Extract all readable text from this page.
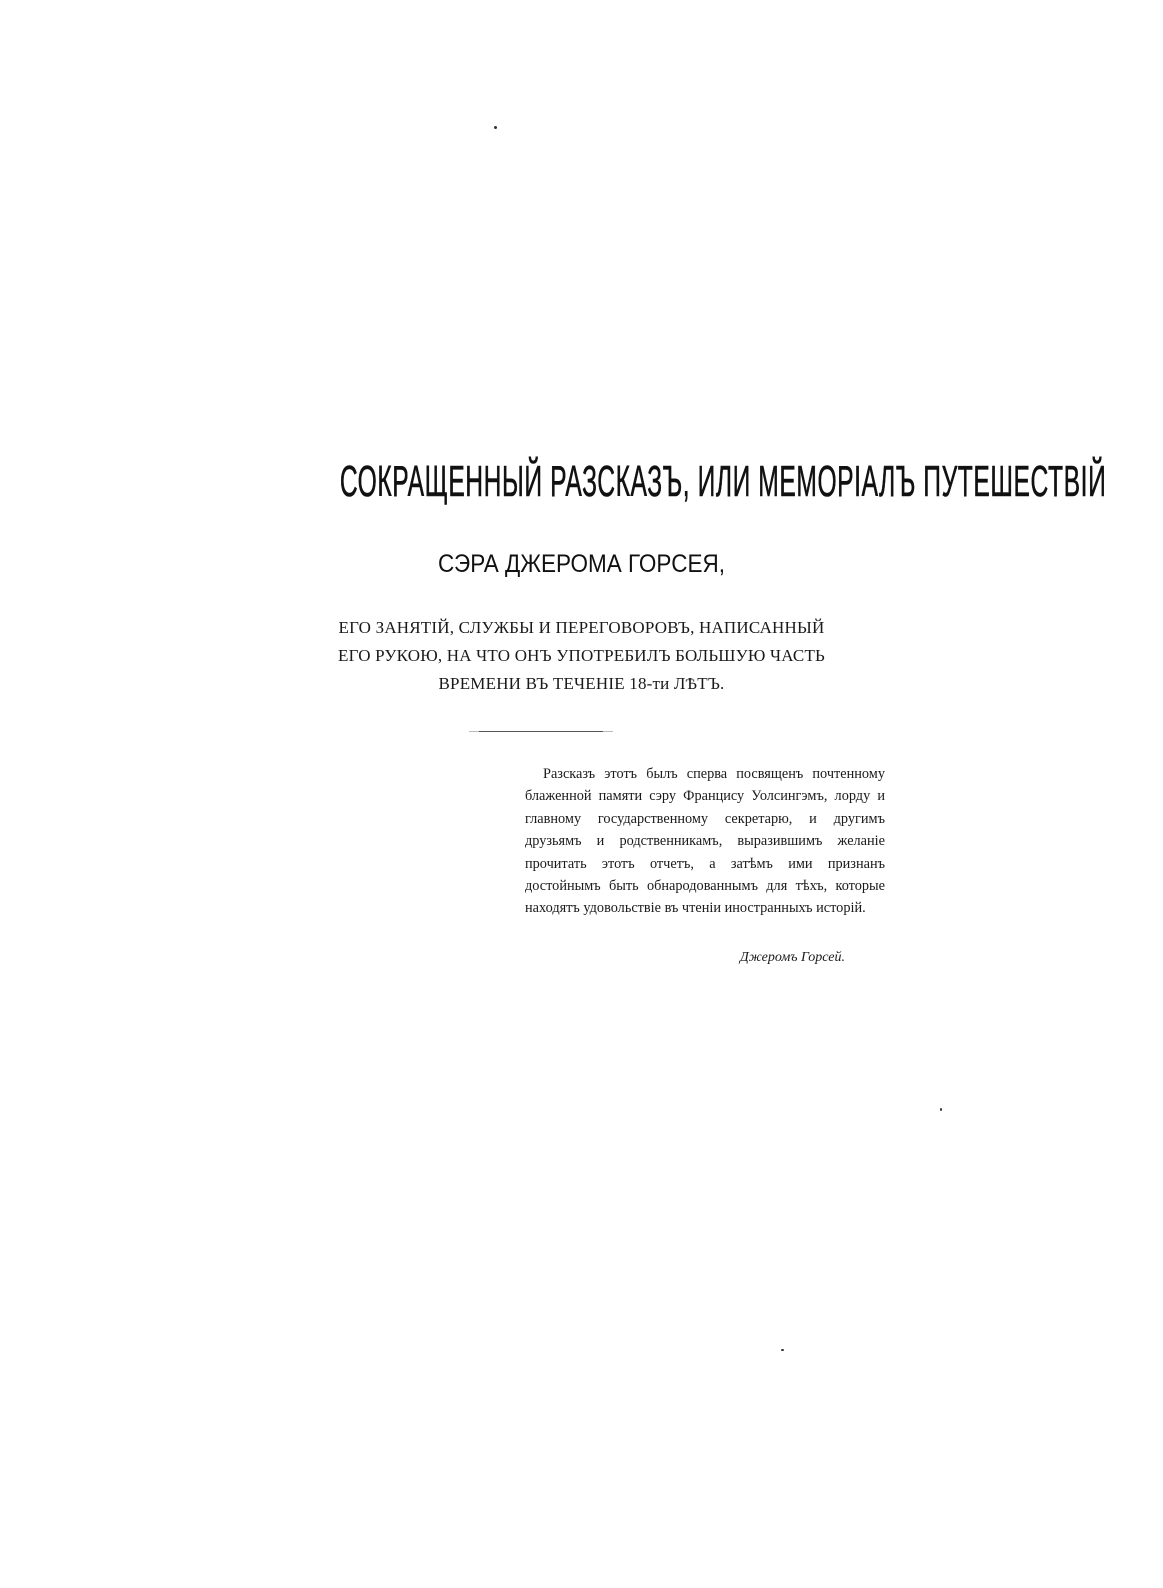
СОКРАЩЕННЫЙ РАЗСКАЗЪ, ИЛИ МЕМОРIАЛЪ ПУТЕШЕСТВIЙ
СЭРА ДЖЕРОМА ГОРСЕЯ,
ЕГО ЗАНЯТIЙ, СЛУЖБЫ И ПЕРЕГОВОРОВЪ, НАПИСАННЫЙ
ЕГО РУКОЮ, НА ЧТО ОНЪ УПОТРЕБИЛЪ БОЛЬШУЮ ЧАСТЬ
ВРЕМЕНИ ВЪ ТЕЧЕНIЕ 18-ти ЛѢТЪ.

Разсказъ этотъ былъ сперва посвященъ почтенному блаженной памяти сэру Францису Уолсингэмъ, лорду и главному государственному секретарю, и другимъ друзьямъ и родственникамъ, выразившимъ желанiе прочитать этотъ отчетъ, а затѣмъ ими признанъ достойнымъ быть обнародованнымъ для тѣхъ, которые находятъ удовольствiе въ чтенiи иностранныхъ исторiй.

Джеромъ Горсей.
